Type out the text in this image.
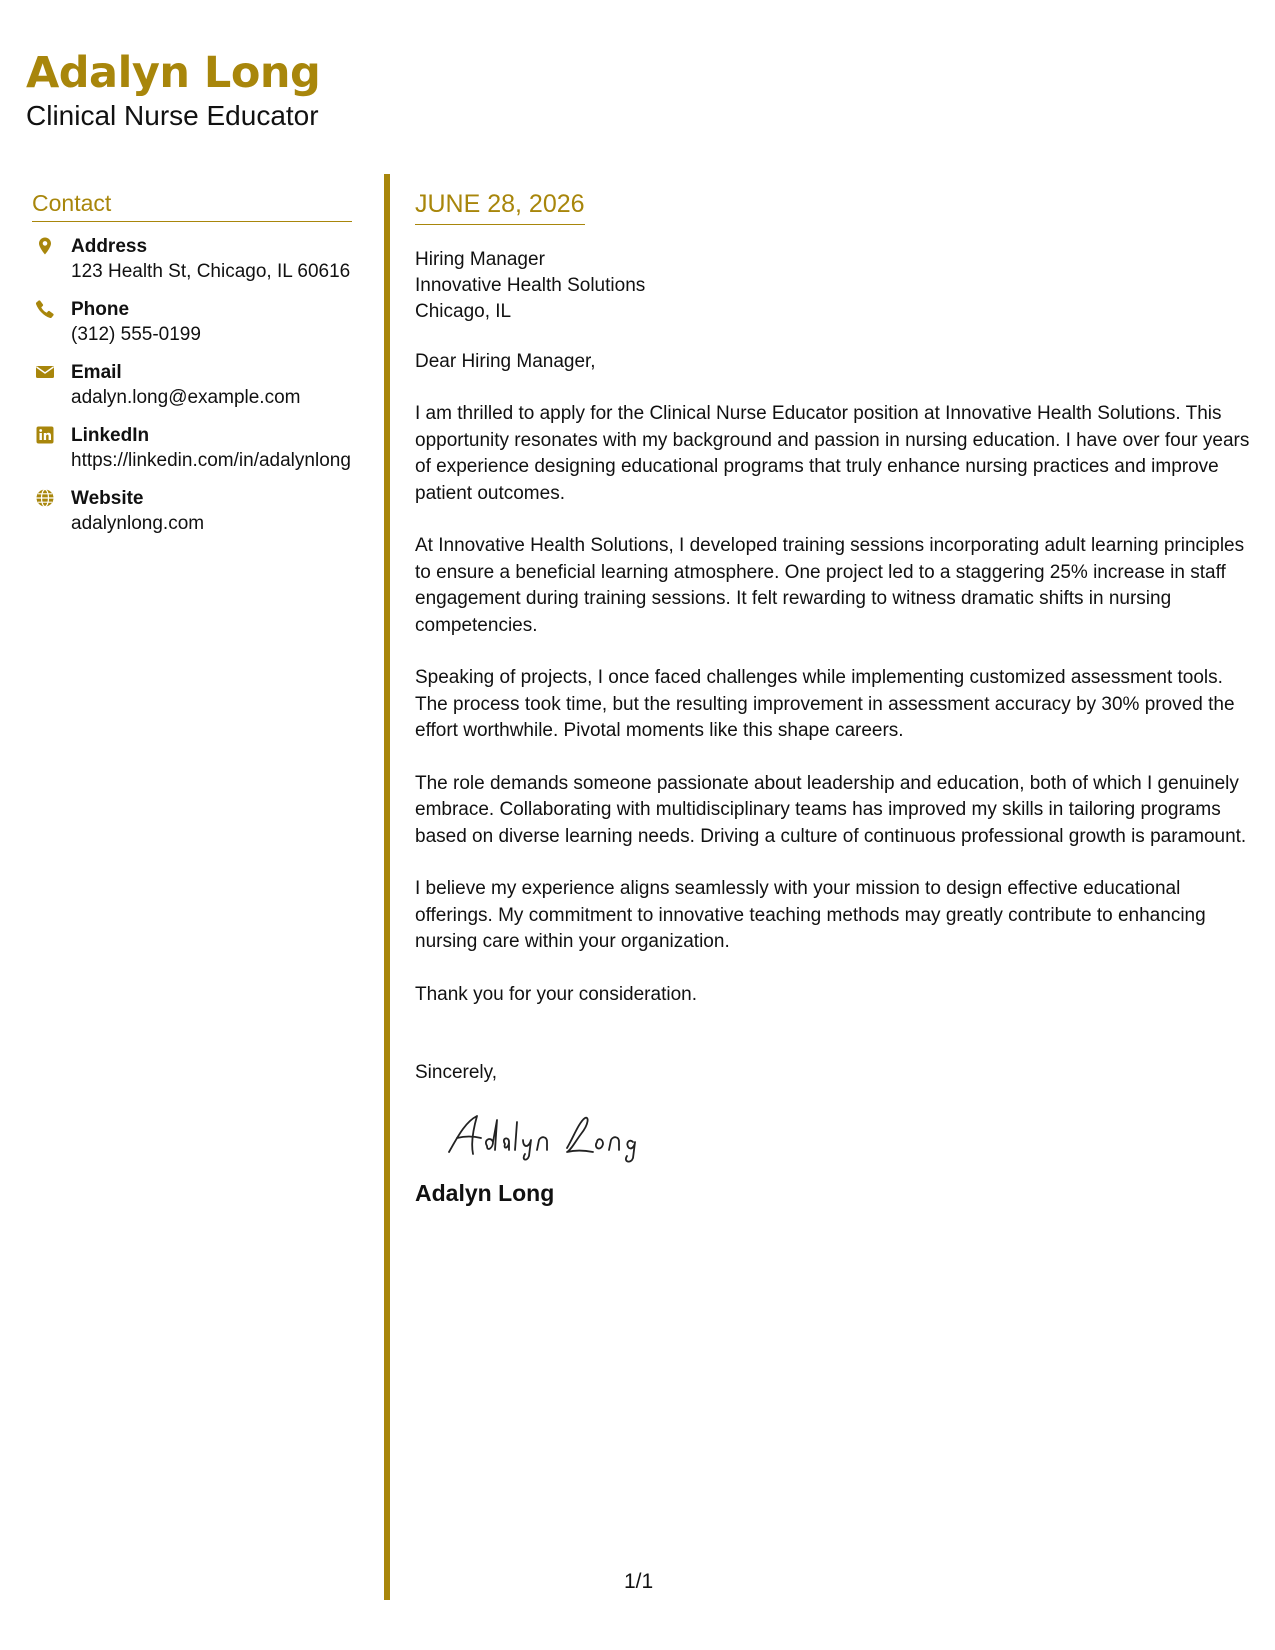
Adalyn Long
Clinical Nurse Educator
Contact
Address
123 Health St, Chicago, IL 60616
Phone
(312) 555-0199
Email
adalyn.long@example.com
LinkedIn
https://linkedin.com/in/adalynlong
Website
adalynlong.com
JUNE 28, 2026
Hiring Manager
Innovative Health Solutions
Chicago, IL
Dear Hiring Manager,
I am thrilled to apply for the Clinical Nurse Educator position at Innovative Health Solutions. This opportunity resonates with my background and passion in nursing education. I have over four years of experience designing educational programs that truly enhance nursing practices and improve patient outcomes.
At Innovative Health Solutions, I developed training sessions incorporating adult learning principles to ensure a beneficial learning atmosphere. One project led to a staggering 25% increase in staff engagement during training sessions. It felt rewarding to witness dramatic shifts in nursing competencies.
Speaking of projects, I once faced challenges while implementing customized assessment tools. The process took time, but the resulting improvement in assessment accuracy by 30% proved the effort worthwhile. Pivotal moments like this shape careers.
The role demands someone passionate about leadership and education, both of which I genuinely embrace. Collaborating with multidisciplinary teams has improved my skills in tailoring programs based on diverse learning needs. Driving a culture of continuous professional growth is paramount.
I believe my experience aligns seamlessly with your mission to design effective educational offerings. My commitment to innovative teaching methods may greatly contribute to enhancing nursing care within your organization.
Thank you for your consideration.
Sincerely,
Adalyn Long
1/1
